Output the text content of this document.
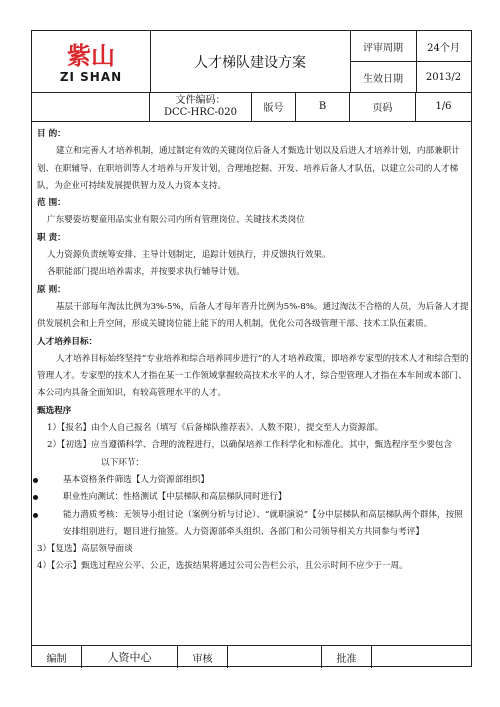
紫山
ZI SHAN
人才梯队建设方案
评审周期	24个月
生效日期	2013/2
文件编码：
DCC-HRC-020	版号	B	页码	1/6
目 的：
建立和完善人才培养机制，通过制定有效的关键岗位后备人才甄选计划以及后进人才培养计划，内部兼职计划、在职辅导、在职培训等人才培养与开发计划，合理地挖掘、开发、培养后备人才队伍，以建立公司的人才梯队，为企业可持续发展提供智力及人力资本支持。
范 围：
广东婴姿坊婴童用品实业有限公司内所有管理岗位、关键技术类岗位
职 责：
人力资源负责统筹安排、主导计划制定，追踪计划执行，并反馈执行效果。
各职能部门提出培养需求，并按要求执行辅导计划。
原 则：
基层干部每年淘汰比例为3%-5%，后备人才每年晋升比例为5%-8%。通过淘汰不合格的人员，为后备人才提供发展机会和上升空间，形成关键岗位能上能下的用人机制，优化公司各级管理干部、技术工队伍素质。
人才培养目标：
人才培养目标始终坚持“专业培养和综合培养同步进行”的人才培养政策，即培养专家型的技术人才和综合型的管理人才。专家型的技术人才指在某一工作领域掌握较高技术水平的人才，综合型管理人才指在本车间或本部门、本公司内具备全面知识，有较高管理水平的人才。
甄选程序
1）【报名】由个人自己报名（填写《后备梯队推荐表》、人数不限），提交至人力资源部。
2）【初选】应当遵循科学、合理的流程进行，以确保培养工作科学化和标准化。其中，甄选程序至少要包含
以下环节：
基本资格条件筛选【人力资源部组织】
职业性向测试：性格测试【中层梯队和高层梯队同时进行】
能力潜质考核：无领导小组讨论（案例分析与讨论）、“就职演说”【分中层梯队和高层梯队两个群体，按照安排组别进行，题目进行抽签。人力资源部牵头组织、各部门和公司领导相关方共同参与考评】
3）【复选】高层领导面谈
4）【公示】甄选过程应公平、公正，选拔结果将通过公司公告栏公示，且公示时间不应少于一周。
编制	人资中心	审核	批准
